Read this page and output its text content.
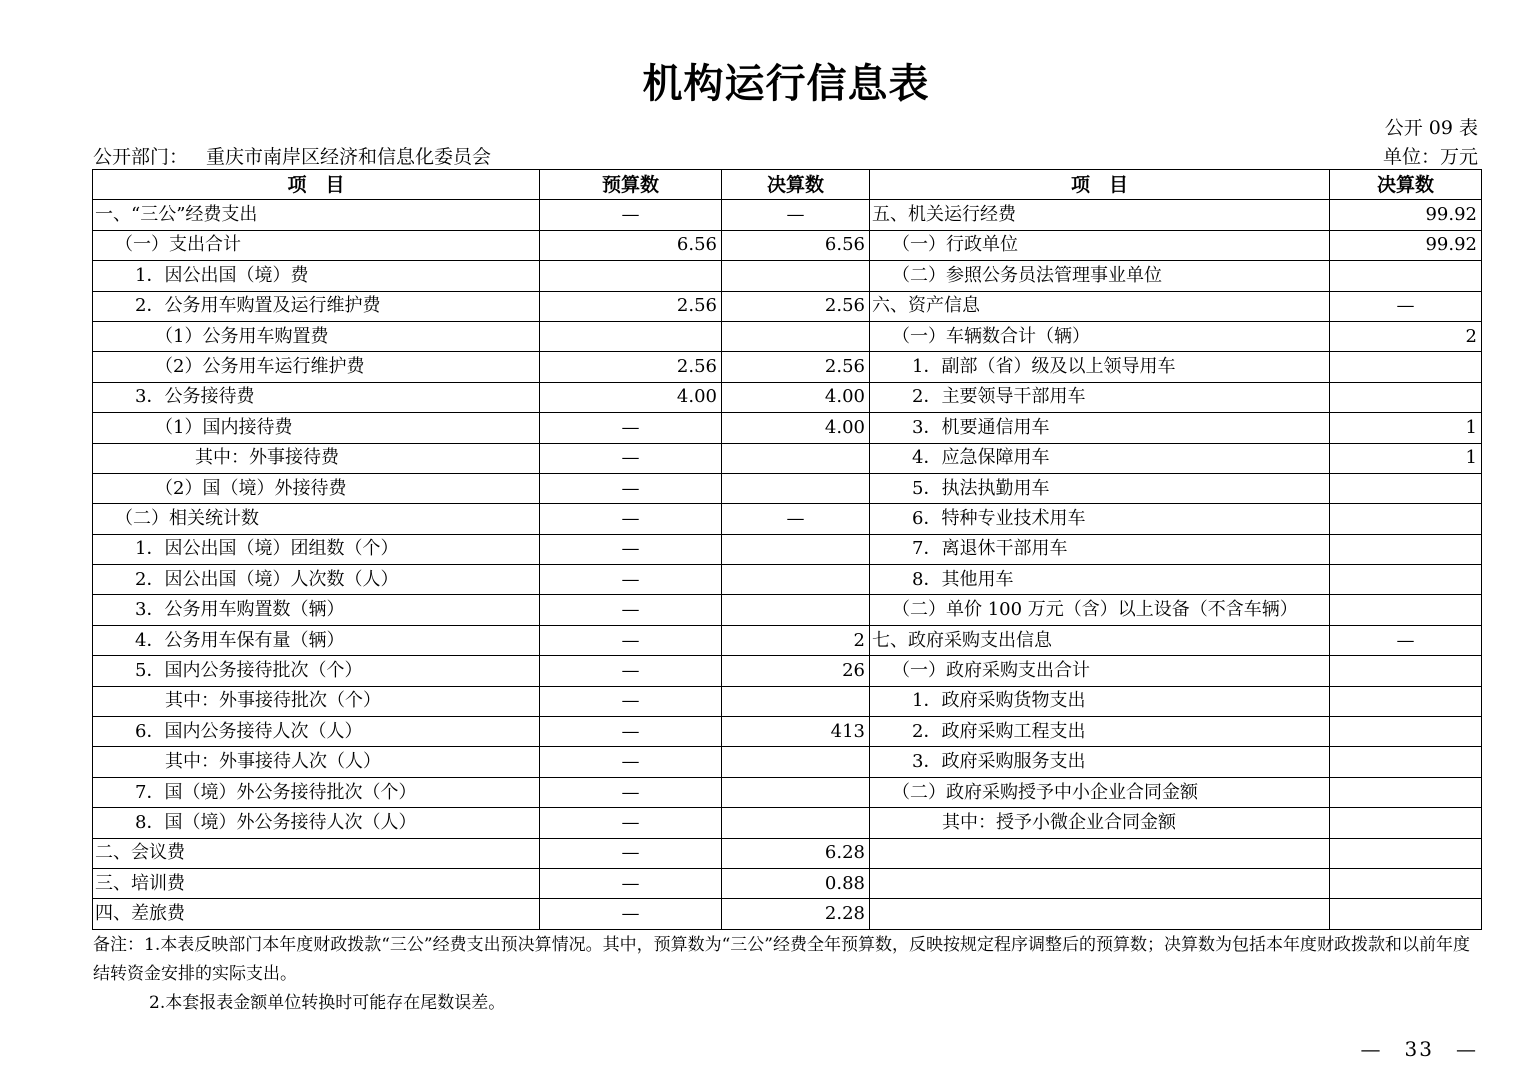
机构运行信息表
公开 09 表
公开部门： 重庆市南岸区经济和信息化委员会	单位：万元
项　目	预算数	决算数	项　目	决算数
一、“三公”经费支出	—	—	五、机关运行经费	99.92
（一）支出合计	6.56	6.56	（一）行政单位	99.92
1．因公出国（境）费			（二）参照公务员法管理事业单位	
2．公务用车购置及运行维护费	2.56	2.56	六、资产信息	—
（1）公务用车购置费			（一）车辆数合计（辆）	2
（2）公务用车运行维护费	2.56	2.56	1．副部（省）级及以上领导用车	
3．公务接待费	4.00	4.00	2．主要领导干部用车	
（1）国内接待费	—	4.00	3．机要通信用车	1
其中：外事接待费	—		4．应急保障用车	1
（2）国（境）外接待费	—		5．执法执勤用车	
（二）相关统计数	—	—	6．特种专业技术用车	
1．因公出国（境）团组数（个）	—		7．离退休干部用车	
2．因公出国（境）人次数（人）	—		8．其他用车	
3．公务用车购置数（辆）	—		（二）单价 100 万元（含）以上设备（不含车辆）	
4．公务用车保有量（辆）	—	2	七、政府采购支出信息	—
5．国内公务接待批次（个）	—	26	（一）政府采购支出合计	
其中：外事接待批次（个）	—		1．政府采购货物支出	
6．国内公务接待人次（人）	—	413	2．政府采购工程支出	
其中：外事接待人次（人）	—		3．政府采购服务支出	
7．国（境）外公务接待批次（个）	—		（二）政府采购授予中小企业合同金额	
8．国（境）外公务接待人次（人）	—		其中：授予小微企业合同金额	
二、会议费	—	6.28		
三、培训费	—	0.88		
四、差旅费	—	2.28		
备注：1.本表反映部门本年度财政拨款“三公”经费支出预决算情况。其中，预算数为“三公”经费全年预算数，反映按规定程序调整后的预算数；决算数为包括本年度财政拨款和以前年度结转资金安排的实际支出。
2.本套报表金额单位转换时可能存在尾数误差。
—　33　—
